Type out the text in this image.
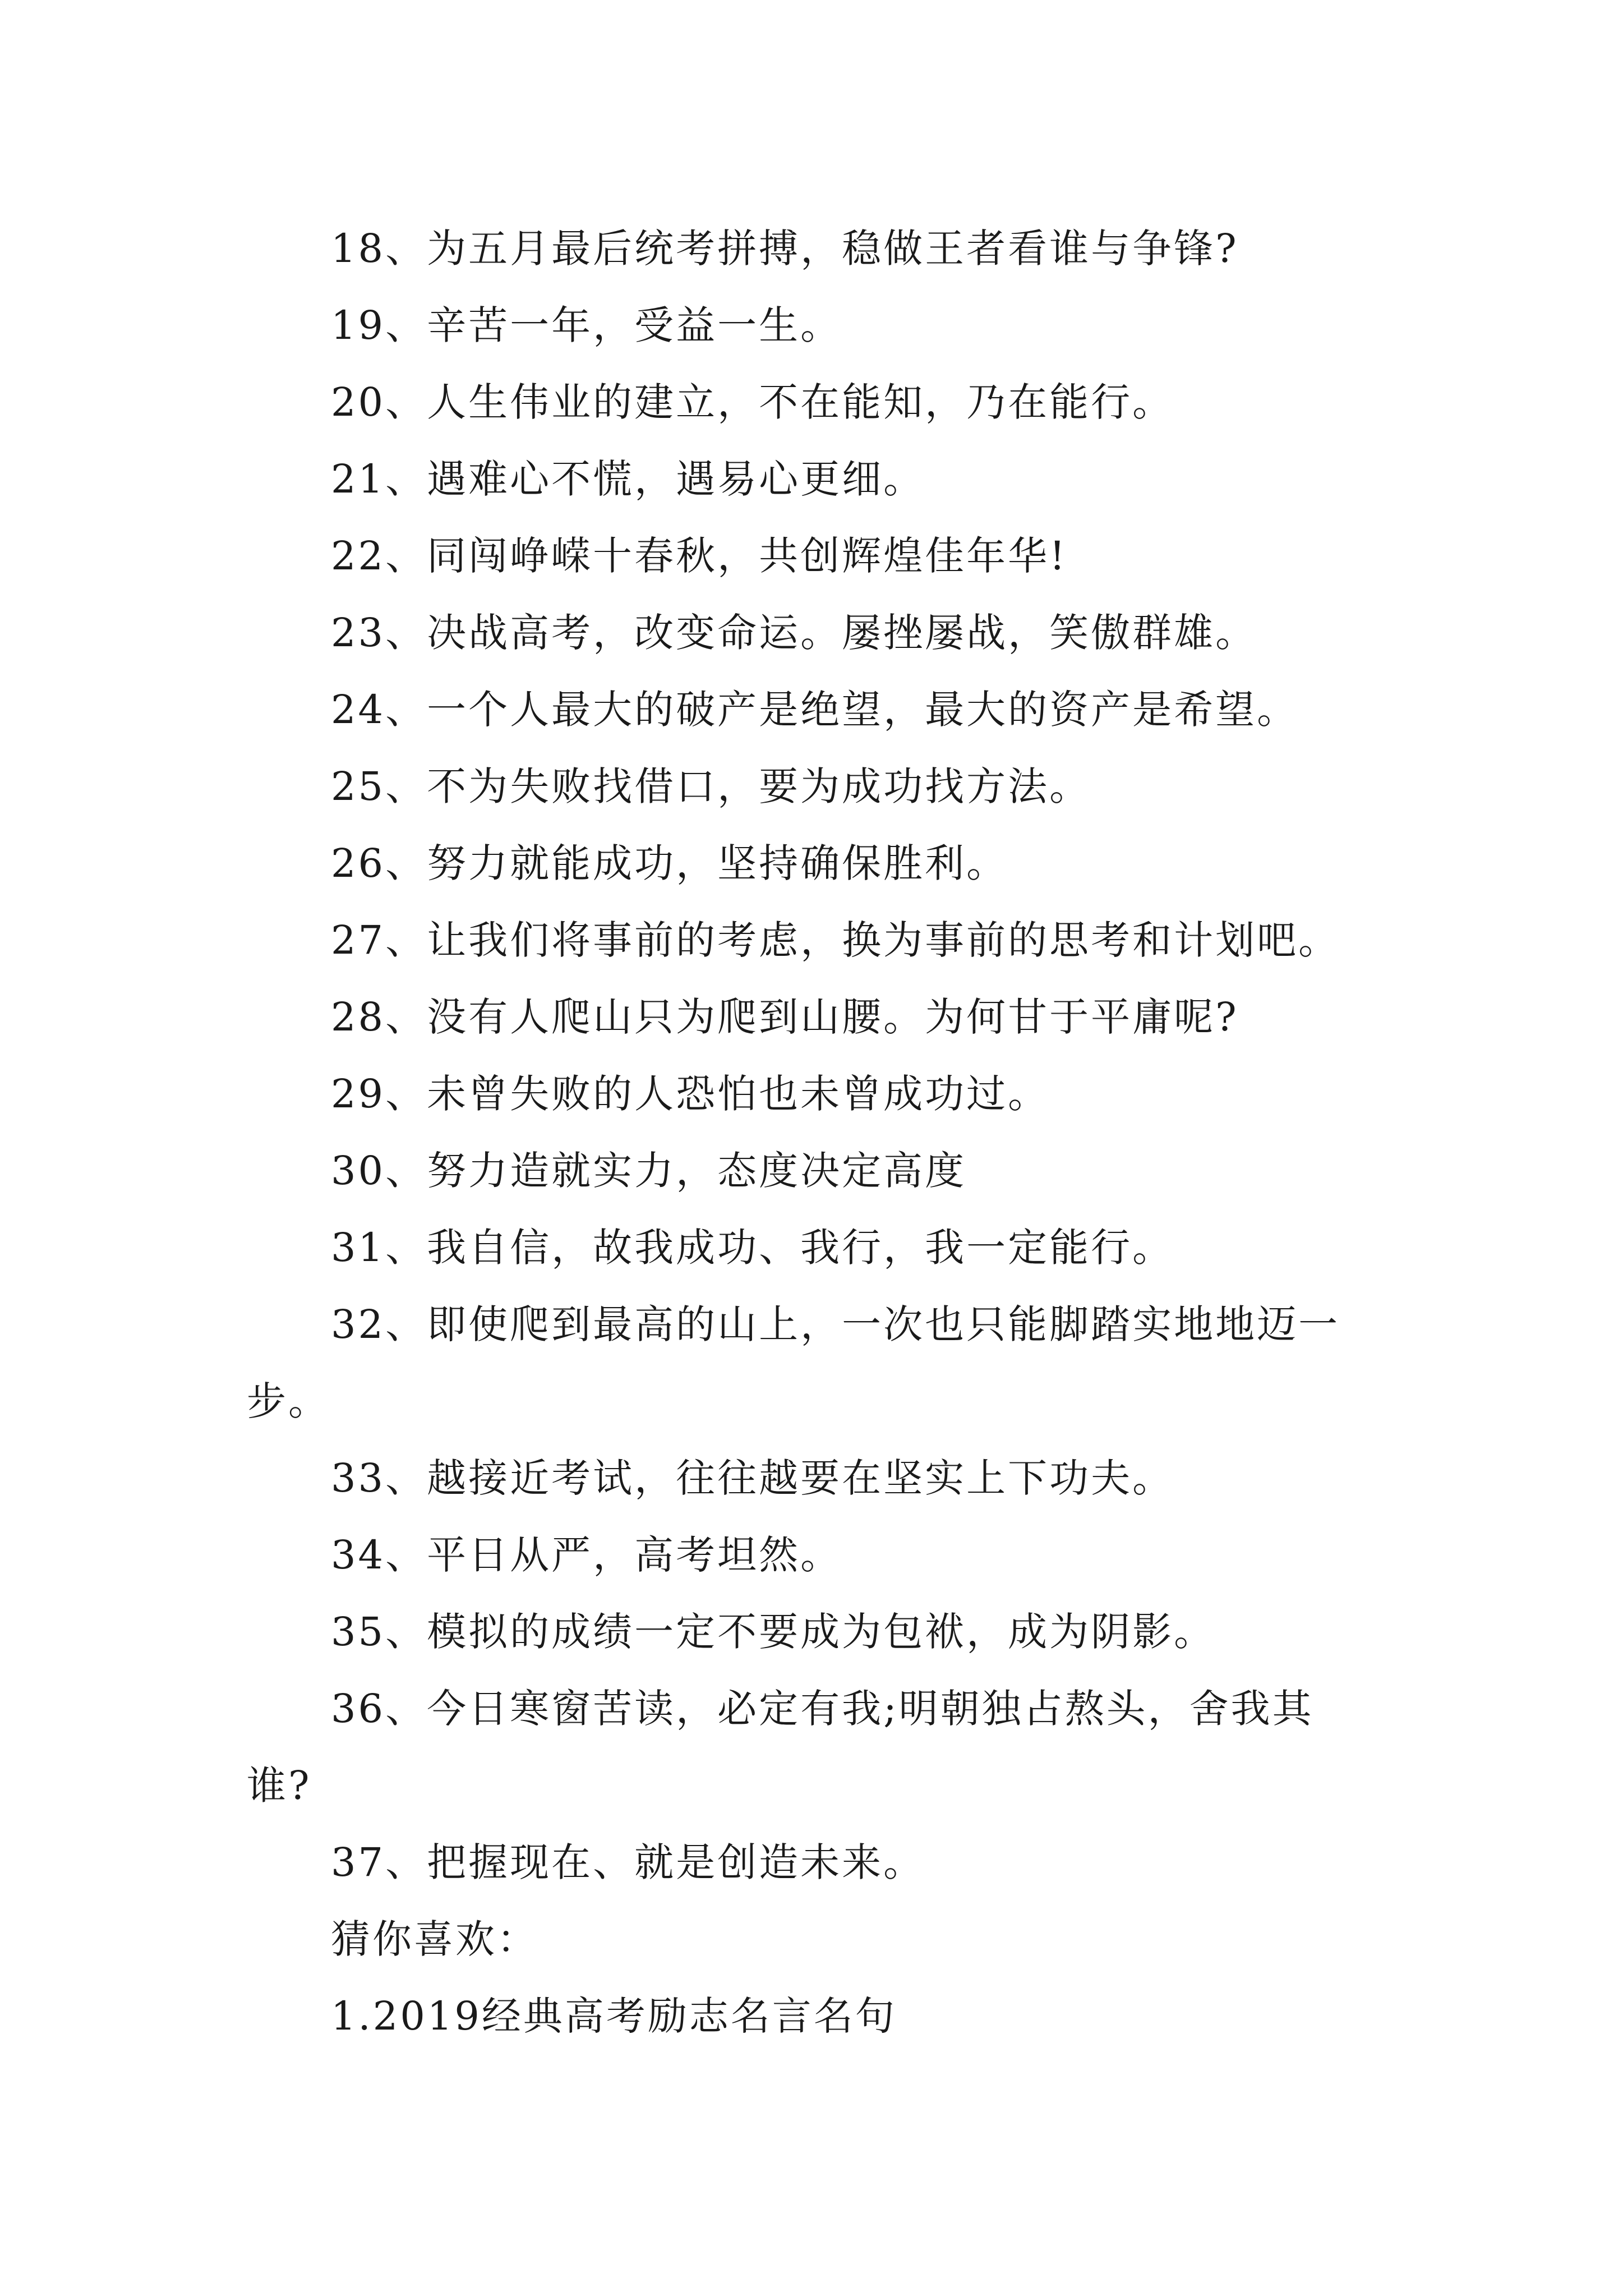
18、为五月最后统考拼搏，稳做王者看谁与争锋?
19、辛苦一年，受益一生。
20、人生伟业的建立，不在能知，乃在能行。
21、遇难心不慌，遇易心更细。
22、同闯峥嵘十春秋，共创辉煌佳年华!
23、决战高考，改变命运。屡挫屡战，笑傲群雄。
24、一个人最大的破产是绝望，最大的资产是希望。
25、不为失败找借口，要为成功找方法。
26、努力就能成功，坚持确保胜利。
27、让我们将事前的考虑，换为事前的思考和计划吧。
28、没有人爬山只为爬到山腰。为何甘于平庸呢?
29、未曾失败的人恐怕也未曾成功过。
30、努力造就实力，态度决定高度
31、我自信，故我成功、我行，我一定能行。
32、即使爬到最高的山上，一次也只能脚踏实地地迈一
步。
33、越接近考试，往往越要在坚实上下功夫。
34、平日从严，高考坦然。
35、模拟的成绩一定不要成为包袱，成为阴影。
36、今日寒窗苦读，必定有我;明朝独占熬头，舍我其
谁?
37、把握现在、就是创造未来。
猜你喜欢：
1.2019经典高考励志名言名句
